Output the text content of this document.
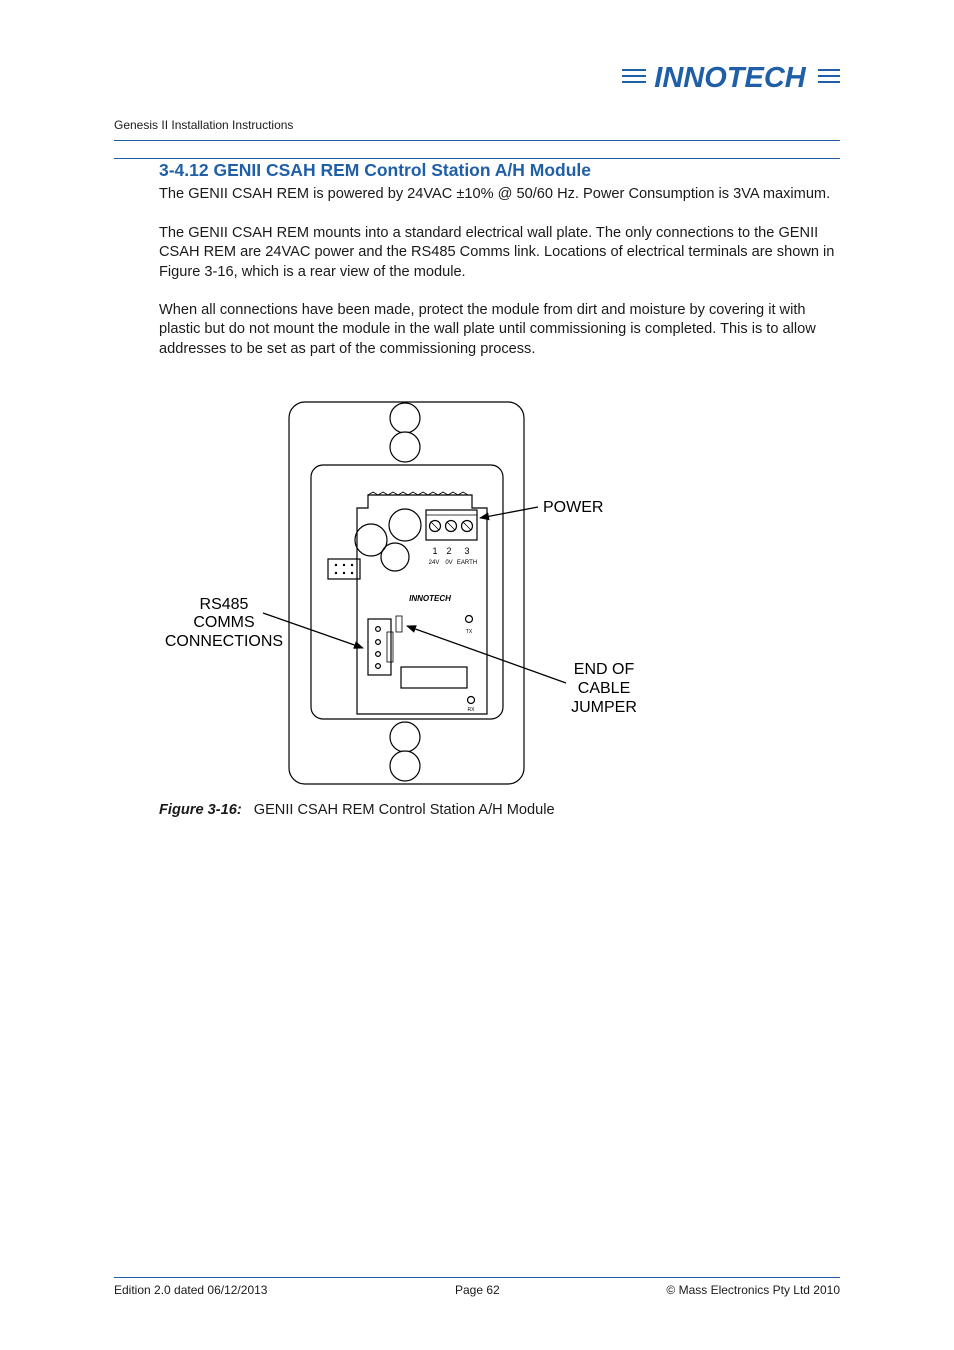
INNOTECH
Genesis II Installation Instructions
3-4.12 GENII CSAH REM Control Station A/H Module

The GENII CSAH REM is powered by 24VAC ±10% @ 50/60 Hz. Power Consumption is 3VA maximum.

The GENII CSAH REM mounts into a standard electrical wall plate. The only connections to the GENII CSAH REM are 24VAC power and the RS485 Comms link. Locations of electrical terminals are shown in Figure 3-16, which is a rear view of the module.

When all connections have been made, protect the module from dirt and moisture by covering it with plastic but do not mount the module in the wall plate until commissioning is completed. This is to allow addresses to be set as part of the commissioning process.

1 2 3
24V 0V EARTH
INNOTECH
TX
RX
POWER
RS485
COMMS
CONNECTIONS
END OF
CABLE
JUMPER
Figure 3-16: GENII CSAH REM Control Station A/H Module
Edition 2.0 dated 06/12/2013	Page 62	© Mass Electronics Pty Ltd 2010
